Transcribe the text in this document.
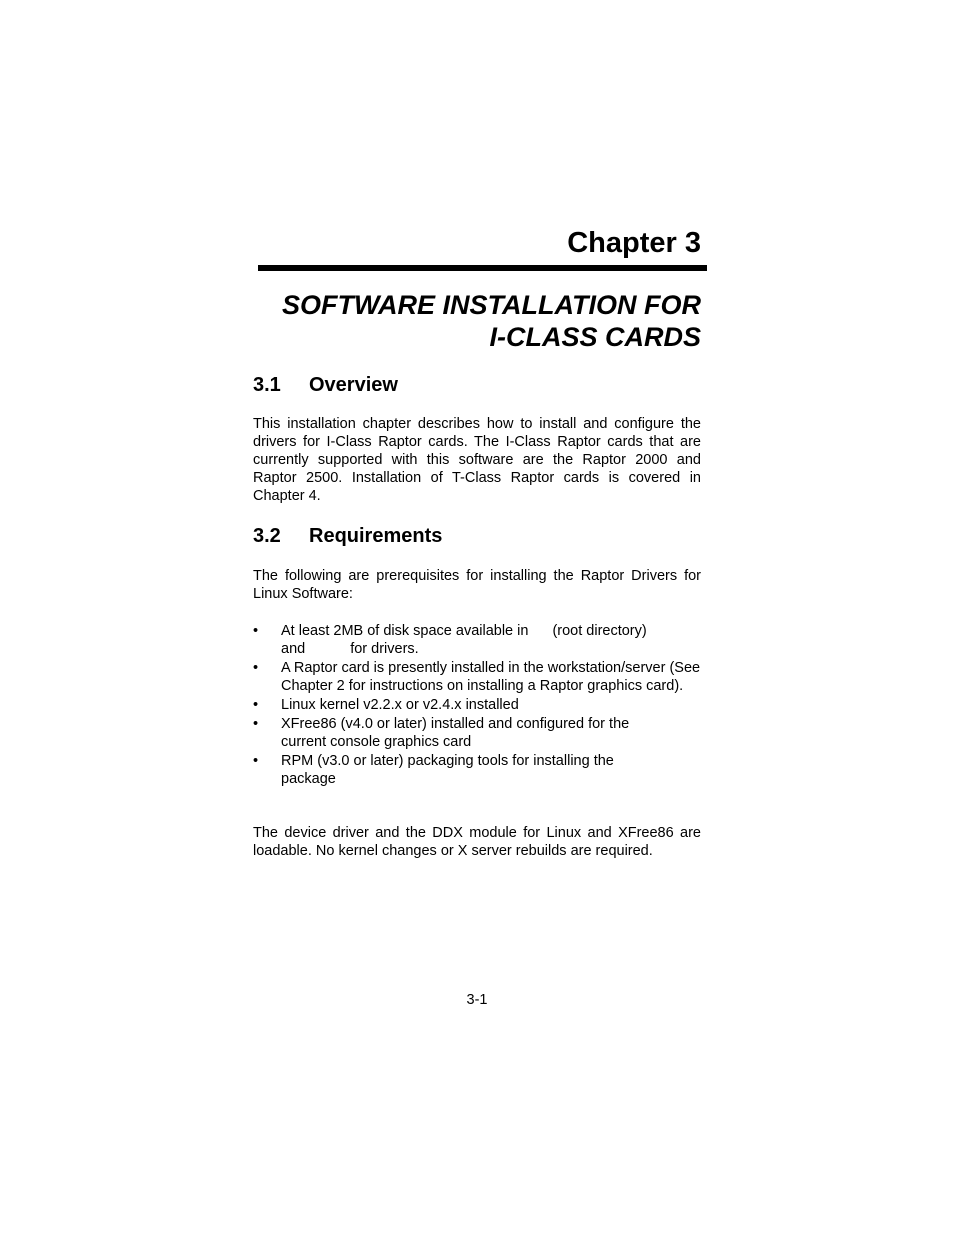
Chapter 3
SOFTWARE INSTALLATION FOR
I-CLASS CARDS
3.1 Overview

This installation chapter describes how to install and configure the drivers for I-Class Raptor cards. The I-Class Raptor cards that are currently supported with this software are the Raptor 2000 and Raptor 2500. Installation of T-Class Raptor cards is covered in Chapter 4.

3.2 Requirements

The following are prerequisites for installing the Raptor Drivers for Linux Software:

•	At least 2MB of disk space available in (root directory)
and	for drivers.
•	A Raptor card is presently installed in the workstation/server (See Chapter 2 for instructions on installing a Raptor graphics card).
•	Linux kernel v2.2.x or v2.4.x installed
•	XFree86 (v4.0 or later) installed and configured for the current console graphics card
•	RPM (v3.0 or later) packaging tools for installing the package

The device driver and the DDX module for Linux and XFree86 are loadable. No kernel changes or X server rebuilds are required.

3-1
